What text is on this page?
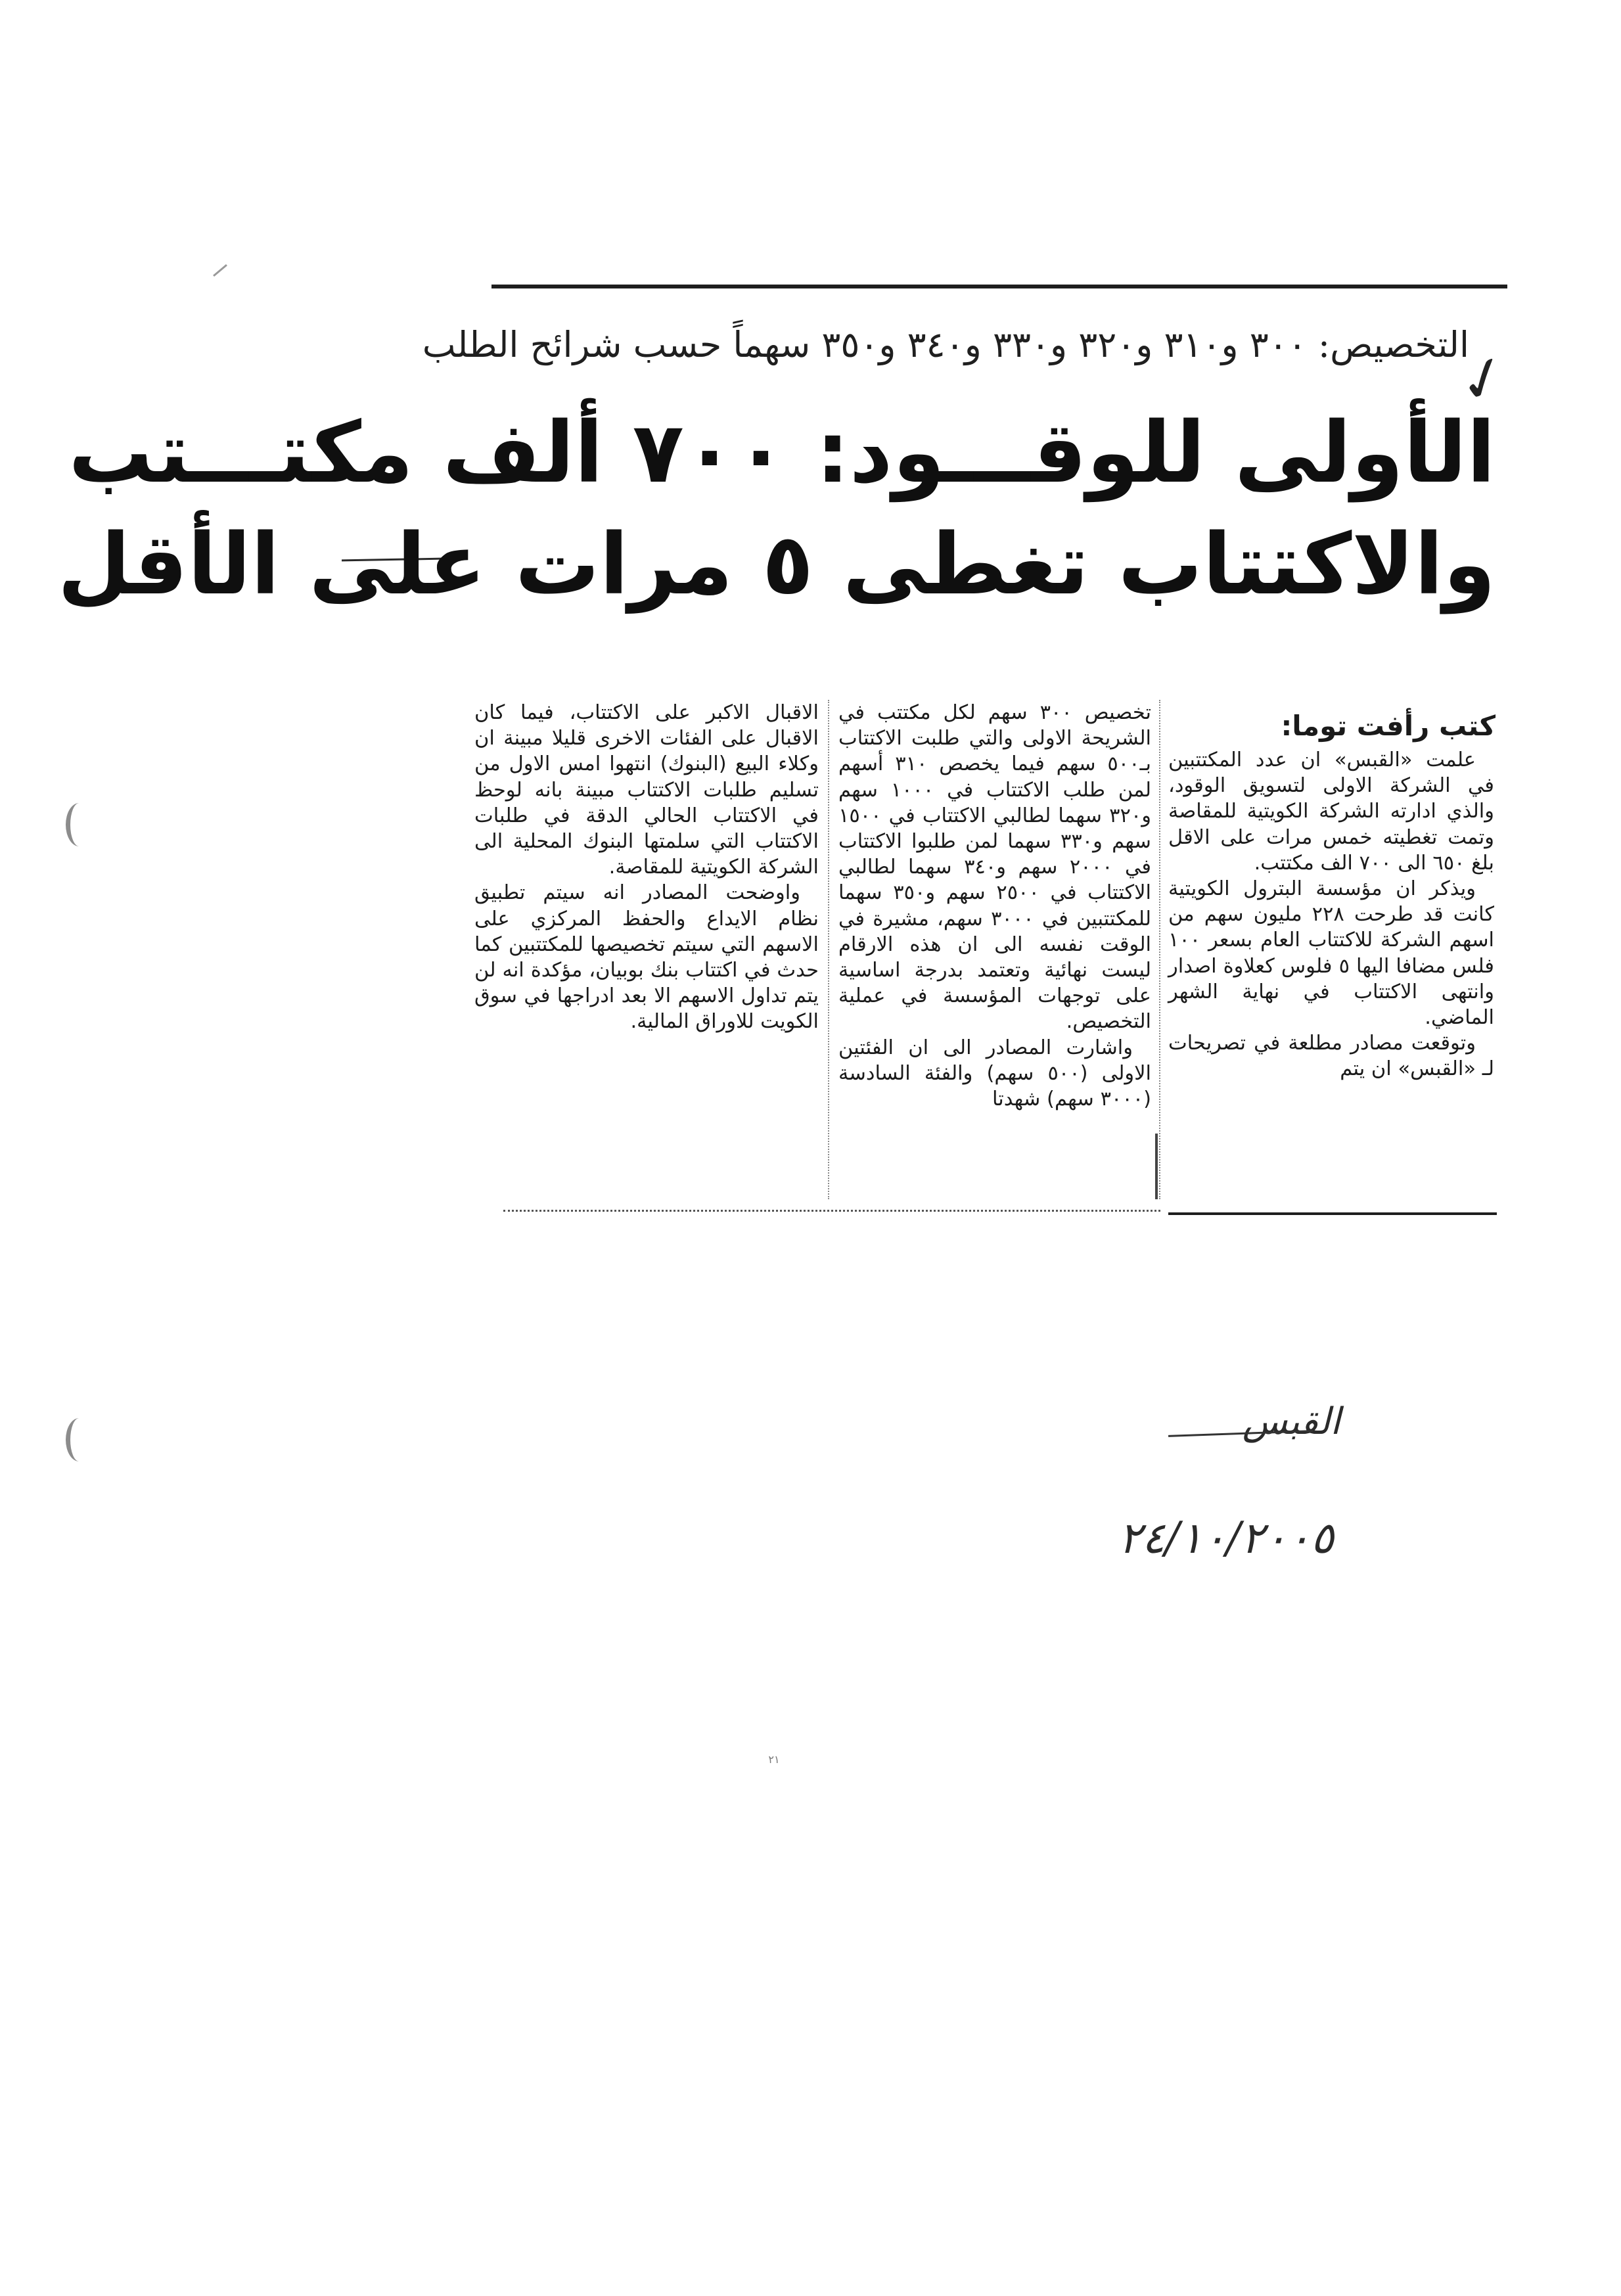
التخصيص: ٣٠٠ و٣١٠ و٣٢٠ و٣٣٠ و٣٤٠ و٣٥٠ سهماً حسب شرائح الطلب
✓
الأولى للوقـــود: ٧٠٠ ألف مكتـــتب
والاكتتاب تغطى ٥ مرات على الأقل
كتب رأفت توما:

علمت «القبس» ان عدد المكتتبين في الشركة الاولى لتسويق الوقود، والذي ادارته الشركة الكويتية للمقاصة وتمت تغطيته خمس مرات على الاقل بلغ ٦٥٠ الى ٧٠٠ الف مكتتب.

ويذكر ان مؤسسة البترول الكويتية كانت قد طرحت ٢٢٨ مليون سهم من اسهم الشركة للاكتتاب العام بسعر ١٠٠ فلس مضافا اليها ٥ فلوس كعلاوة اصدار وانتهى الاكتتاب في نهاية الشهر الماضي.

وتوقعت مصادر مطلعة في تصريحات لـ «القبس» ان يتم

تخصيص ٣٠٠ سهم لكل مكتتب في الشريحة الاولى والتي طلبت الاكتتاب بـ٥٠٠ سهم فيما يخصص ٣١٠ أسهم لمن طلب الاكتتاب في ١٠٠٠ سهم و٣٢٠ سهما لطالبي الاكتتاب في ١٥٠٠ سهم و٣٣٠ سهما لمن طلبوا الاكتتاب في ٢٠٠٠ سهم و٣٤٠ سهما لطالبي الاكتتاب في ٢٥٠٠ سهم و٣٥٠ سهما للمكتتبين في ٣٠٠٠ سهم، مشيرة في الوقت نفسه الى ان هذه الارقام ليست نهائية وتعتمد بدرجة اساسية على توجهات المؤسسة في عملية التخصيص.

واشارت المصادر الى ان الفئتين الاولى (٥٠٠ سهم) والفئة السادسة (٣٠٠٠ سهم) شهدتا

الاقبال الاكبر على الاكتتاب، فيما كان الاقبال على الفئات الاخرى قليلا مبينة ان وكلاء البيع (البنوك) انتهوا امس الاول من تسليم طلبات الاكتتاب مبينة بانه لوحظ في الاكتتاب الحالي الدقة في طلبات الاكتتاب التي سلمتها البنوك المحلية الى الشركة الكويتية للمقاصة.

واوضحت المصادر انه سيتم تطبيق نظام الايداع والحفظ المركزي على الاسهم التي سيتم تخصيصها للمكتتبين كما حدث في اكتتاب بنك بوبيان، مؤكدة انه لن يتم تداول الاسهم الا بعد ادراجها في سوق الكويت للاوراق المالية.

القبس
٢٤/١٠/٢٠٠٥
٢١
